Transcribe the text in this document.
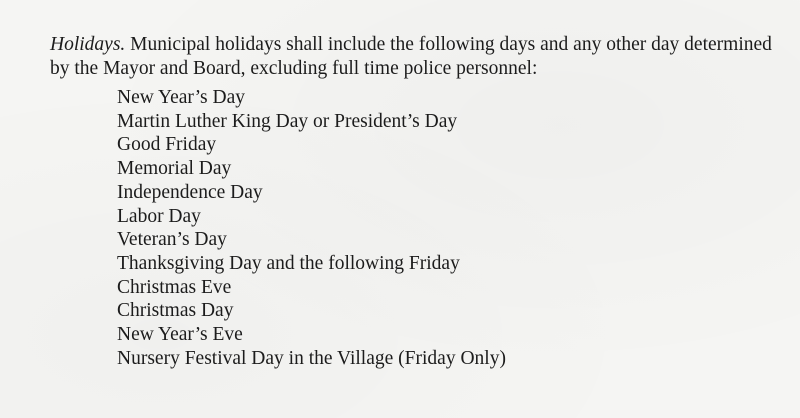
Holidays. Municipal holidays shall include the following days and any other day determined by the Mayor and Board, excluding full time police personnel:

New Year’s Day
Martin Luther King Day or President’s Day
Good Friday
Memorial Day
Independence Day
Labor Day
Veteran’s Day
Thanksgiving Day and the following Friday
Christmas Eve
Christmas Day
New Year’s Eve
Nursery Festival Day in the Village (Friday Only)
